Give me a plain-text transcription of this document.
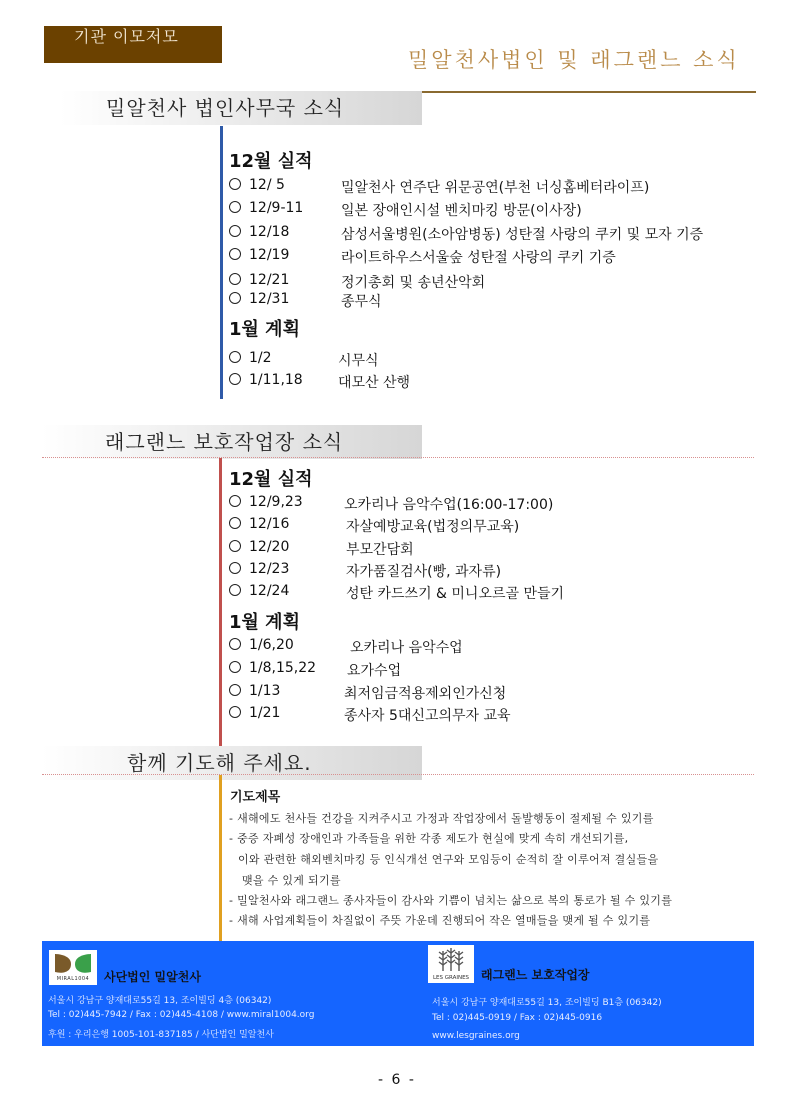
기관 이모저모
밀알천사법인 및 래그랜느 소식
밀알천사 법인사무국 소식
12월 실적
12/ 5	밀알천사 연주단 위문공연(부천 너싱홈베터라이프)
12/9-11	일본 장애인시설 벤치마킹 방문(이사장)
12/18	삼성서울병원(소아암병동) 성탄절 사랑의 쿠키 및 모자 기증
12/19	라이트하우스서울숲 성탄절 사랑의 쿠키 기증
12/21	정기총회 및 송년산악회
12/31	종무식
1월 계획
1/2	시무식
1/11,18	대모산 산행
래그랜느 보호작업장 소식
12월 실적
12/9,23	오카리나 음악수업(16:00-17:00)
12/16	자살예방교육(법정의무교육)
12/20	부모간담회
12/23	자가품질검사(빵, 과자류)
12/24	성탄 카드쓰기 & 미니오르골 만들기
1월 계획
1/6,20	오카리나 음악수업
1/8,15,22 요가수업
1/13	최저임금적용제외인가신청
1/21	종사자 5대신고의무자 교육
함께 기도해 주세요.
기도제목
- 새해에도 천사들 건강을 지켜주시고 가정과 작업장에서 돌발행동이 절제될 수 있기를
- 중증 자폐성 장애인과 가족들을 위한 각종 제도가 현실에 맞게 속히 개선되기를,
이와 관련한 해외벤치마킹 등 인식개선 연구와 모임등이 순적히 잘 이루어져 결실들을
맺을 수 있게 되기를
- 밀알천사와 래그랜느 종사자들이 감사와 기쁨이 넘치는 삶으로 복의 통로가 될 수 있기를
- 새해 사업계획들이 차질없이 주뜻 가운데 진행되어 작은 열매들을 맺게 될 수 있기를
MIRAL1004	사단법인 밀알천사
서울시 강남구 양재대로55길 13, 조이빌딩 4층 (06342)
Tel : 02)445-7942 / Fax : 02)445-4108 / www.miral1004.org
후원 : 우리은행 1005-101-837185 / 사단법인 밀알천사
LES GRAINES 래그랜느 보호작업장
서울시 강남구 양재대로55길 13, 조이빌딩 B1층 (06342)
Tel : 02)445-0919 / Fax : 02)445-0916
www.lesgraines.org
- 6 -
